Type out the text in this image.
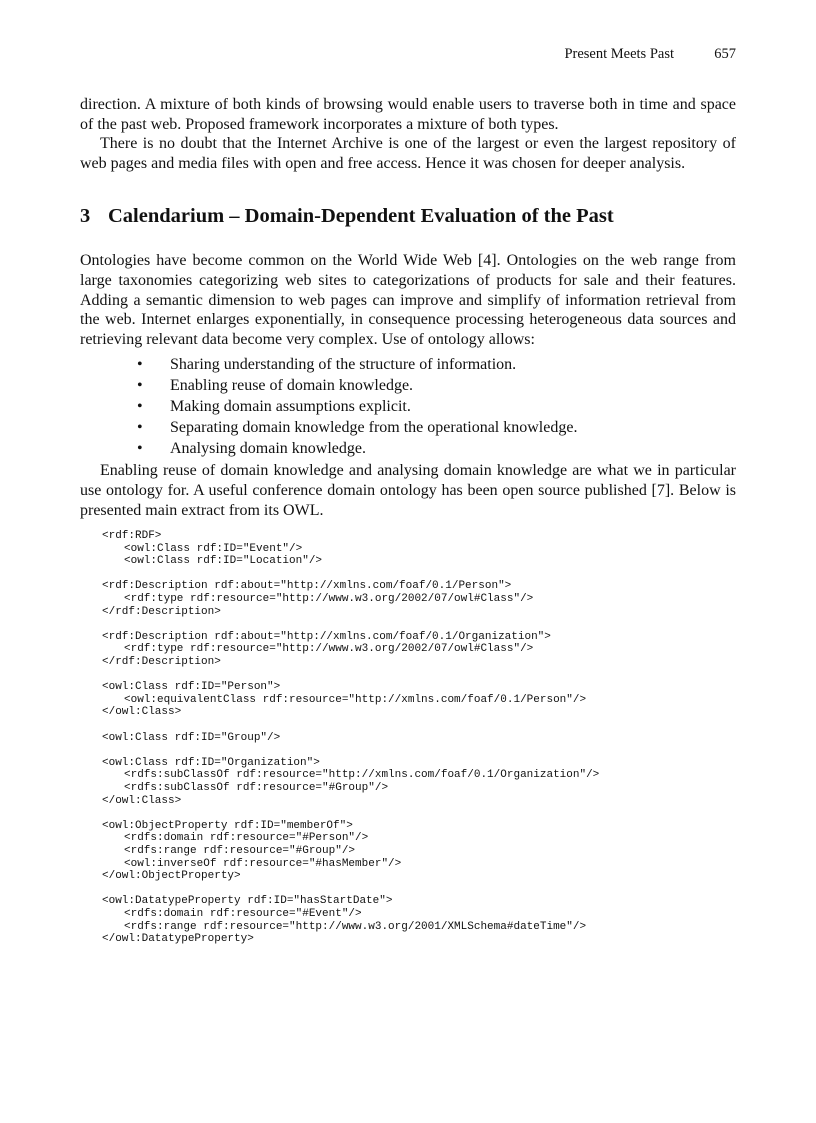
Present Meets Past	657

direction. A mixture of both kinds of browsing would enable users to traverse both in time and space of the past web. Proposed framework incorporates a mixture of both types.

There is no doubt that the Internet Archive is one of the largest or even the largest repository of web pages and media files with open and free access. Hence it was chosen for deeper analysis.

3 Calendarium – Domain-Dependent Evaluation of the Past

Ontologies have become common on the World Wide Web [4]. Ontologies on the web range from large taxonomies categorizing web sites to categorizations of products for sale and their features. Adding a semantic dimension to web pages can improve and simplify of information retrieval from the web. Internet enlarges exponentially, in consequence processing heterogeneous data sources and retrieving relevant data become very complex. Use of ontology allows:

• Sharing understanding of the structure of information.
• Enabling reuse of domain knowledge.
• Making domain assumptions explicit.
• Separating domain knowledge from the operational knowledge.
• Analysing domain knowledge.

Enabling reuse of domain knowledge and analysing domain knowledge are what we in particular use ontology for. A useful conference domain ontology has been open source published [7]. Below is presented main extract from its OWL.

<rdf:RDF>
<owl:Class rdf:ID="Event"/>
<owl:Class rdf:ID="Location"/>
<rdf:Description rdf:about="http://xmlns.com/foaf/0.1/Person">
<rdf:type rdf:resource="http://www.w3.org/2002/07/owl#Class"/>
</rdf:Description>
<rdf:Description rdf:about="http://xmlns.com/foaf/0.1/Organization">
<rdf:type rdf:resource="http://www.w3.org/2002/07/owl#Class"/>
</rdf:Description>
<owl:Class rdf:ID="Person">
<owl:equivalentClass rdf:resource="http://xmlns.com/foaf/0.1/Person"/>
</owl:Class>
<owl:Class rdf:ID="Group"/>
<owl:Class rdf:ID="Organization">
<rdfs:subClassOf rdf:resource="http://xmlns.com/foaf/0.1/Organization"/>
<rdfs:subClassOf rdf:resource="#Group"/>
</owl:Class>
<owl:ObjectProperty rdf:ID="memberOf">
<rdfs:domain rdf:resource="#Person"/>
<rdfs:range rdf:resource="#Group"/>
<owl:inverseOf rdf:resource="#hasMember"/>
</owl:ObjectProperty>
<owl:DatatypeProperty rdf:ID="hasStartDate">
<rdfs:domain rdf:resource="#Event"/>
<rdfs:range rdf:resource="http://www.w3.org/2001/XMLSchema#dateTime"/>
</owl:DatatypeProperty>
